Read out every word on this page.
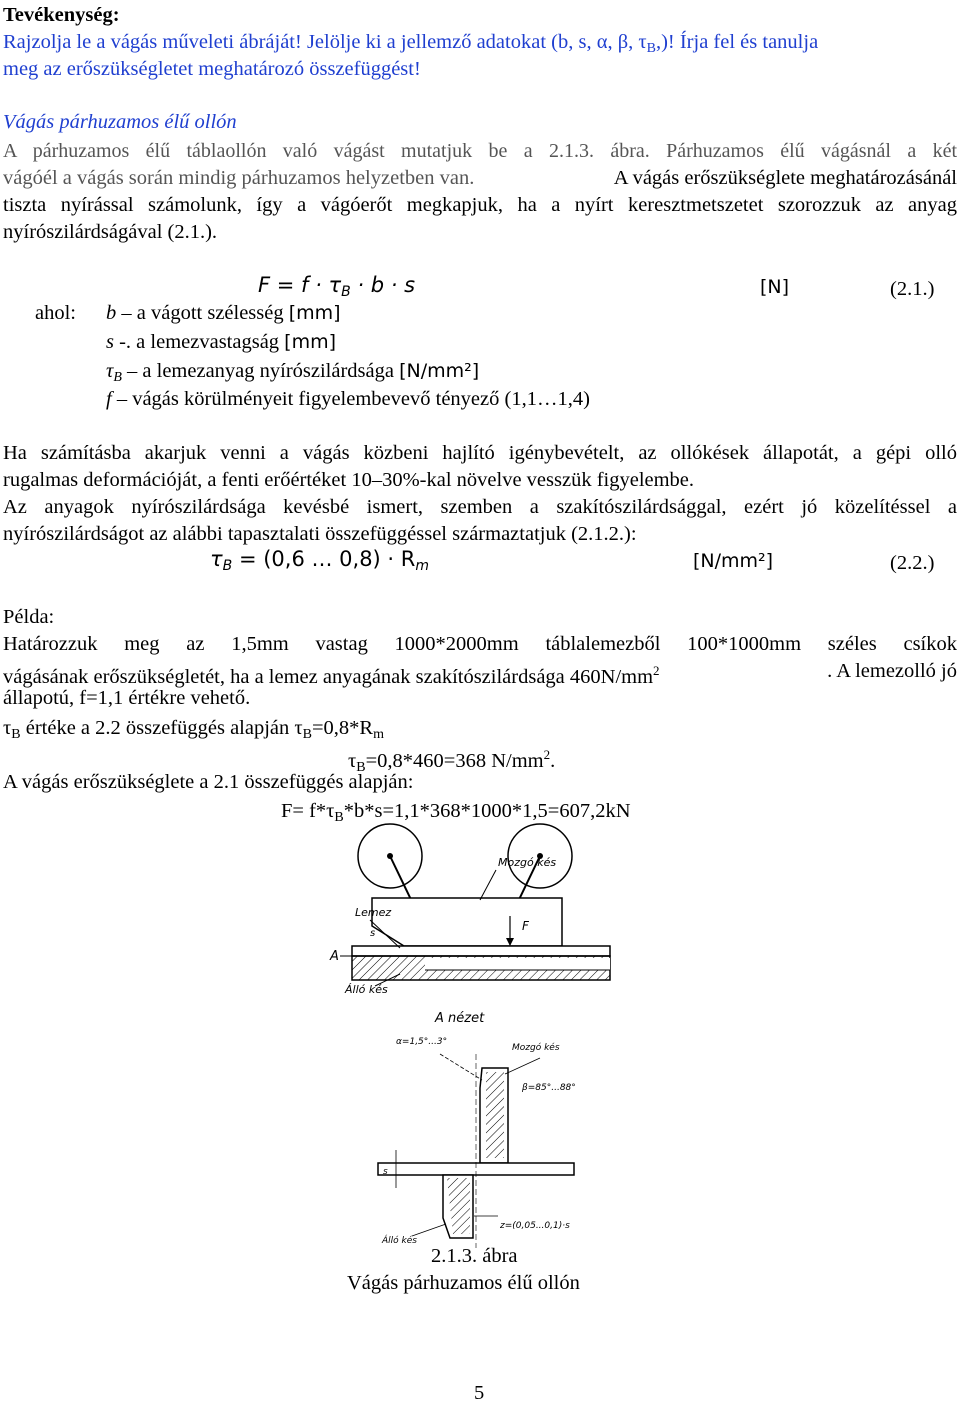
Tevékenység:
Rajzolja le a vágás műveleti ábráját! Jelölje ki a jellemző adatokat (b, s, α, β, $\tau_B$,)! Írja fel és tanulja
meg az erőszükségletet meghatározó összefüggést!
Vágás párhuzamos élű ollón
A párhuzamos élű táblaollón való vágást mutatjuk be a 2.1.3. ábra. Párhuzamos élű vágásnál a két
vágóél a vágás során mindig párhuzamos helyzetben van.	A vágás erőszükséglete meghatározásánál
tiszta nyírással számolunk, így a vágóerőt megkapjuk, ha a nyírt keresztmetszetet szorozzuk az anyag
nyírószilárdságával (2.1.).
$F = f \cdot \tau_B \cdot b \cdot s$	[N]	(2.1.)
ahol: b – a vágott szélesség [mm]
s -. a lemezvastagság [mm]
$\tau_B$ – a lemezanyag nyírószilárdsága [N/mm²]
f – vágás körülményeit figyelembevevő tényező (1,1…1,4)
Ha számításba akarjuk venni a vágás közbeni hajlító igénybevételt, az ollókések állapotát, a gépi olló
rugalmas deformációját, a fenti erőértéket 10–30%-kal növelve vesszük figyelembe.
Az anyagok nyírószilárdsága kevésbé ismert, szemben a szakítószilárdsággal, ezért jó közelítéssel a
nyírószilárdságot az alábbi tapasztalati összefüggéssel származtatjuk (2.1.2.):
$\tau_B = (0,6$ … $0,8) \cdot R_m$	[N/mm²]	(2.2.)
Példa:
Határozzuk meg az 1,5mm vastag 1000*2000mm táblalemezből 100*1000mm széles csíkok
vágásának erőszükségletét, ha a lemez anyagának szakítószilárdsága $460N/mm^2$	. A lemezolló jó
állapotú, f=1,1 értékre vehető.
$\tau_B$ értéke a 2.2 összefüggés alapján $\tau_B=0,8*R_m$
$\tau_B=0,8*460=368$ $N/mm^2$.
A vágás erőszükséglete a 2.1 összefüggés alapján:
$F= f*\tau_B*b*s=1,1*368*1000*1,5=607,2kN$
Mozgó kés
Lemez
s
F
A
Álló kés
A nézet
α=1,5°...3°
Mozgó kés
β=85°...88°
s
Álló kés
z=(0,05...0,1)·s
2.1.3. ábra
Vágás párhuzamos élű ollón
5
